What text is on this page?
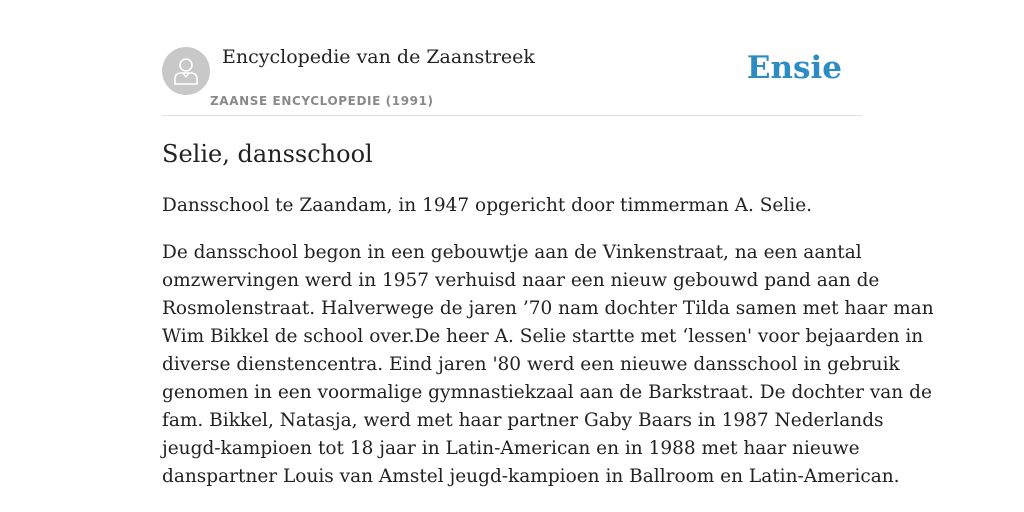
Encyclopedie van de Zaanstreek
ZAANSE ENCYCLOPEDIE (1991)
Ensie
Selie, dansschool

Dansschool te Zaandam, in 1947 opgericht door timmerman A. Selie.

De dansschool begon in een gebouwtje aan de Vinkenstraat, na een aantal
omzwervingen werd in 1957 verhuisd naar een nieuw gebouwd pand aan de
Rosmolenstraat. Halverwege de jaren ’70 nam dochter Tilda samen met haar man
Wim Bikkel de school over.De heer A. Selie startte met ‘lessen' voor bejaarden in
diverse dienstencentra. Eind jaren '80 werd een nieuwe dansschool in gebruik
genomen in een voormalige gymnastiekzaal aan de Barkstraat. De dochter van de
fam. Bikkel, Natasja, werd met haar partner Gaby Baars in 1987 Nederlands
jeugd-kampioen tot 18 jaar in Latin-American en in 1988 met haar nieuwe
danspartner Louis van Amstel jeugd-kampioen in Ballroom en Latin-American.
